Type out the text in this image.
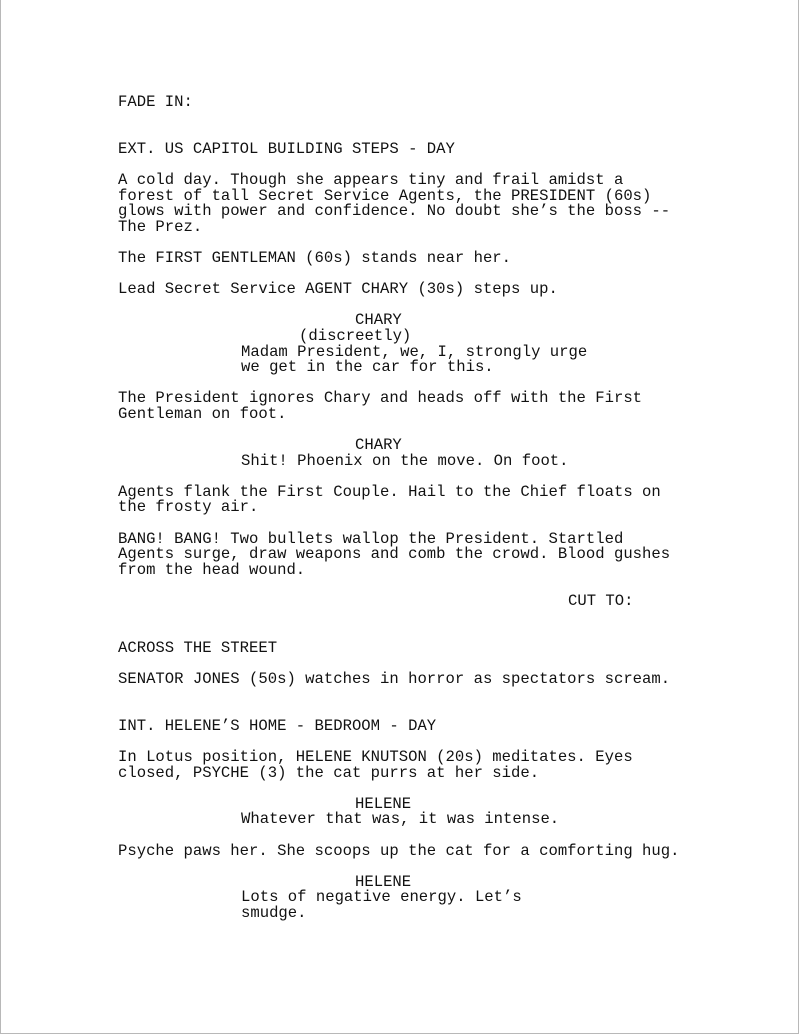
FADE IN:
EXT. US CAPITOL BUILDING STEPS - DAY
A cold day. Though she appears tiny and frail amidst a
forest of tall Secret Service Agents, the PRESIDENT (60s)
glows with power and confidence. No doubt she’s the boss --
The Prez.
The FIRST GENTLEMAN (60s) stands near her.
Lead Secret Service AGENT CHARY (30s) steps up.
CHARY
(discreetly)
Madam President, we, I, strongly urge
we get in the car for this.
The President ignores Chary and heads off with the First
Gentleman on foot.
CHARY
Shit! Phoenix on the move. On foot.
Agents flank the First Couple. Hail to the Chief floats on
the frosty air.
BANG! BANG! Two bullets wallop the President. Startled
Agents surge, draw weapons and comb the crowd. Blood gushes
from the head wound.
CUT TO:
ACROSS THE STREET
SENATOR JONES (50s) watches in horror as spectators scream.
INT. HELENE’S HOME - BEDROOM - DAY
In Lotus position, HELENE KNUTSON (20s) meditates. Eyes
closed, PSYCHE (3) the cat purrs at her side.
HELENE
Whatever that was, it was intense.
Psyche paws her. She scoops up the cat for a comforting hug.
HELENE
Lots of negative energy. Let’s
smudge.
